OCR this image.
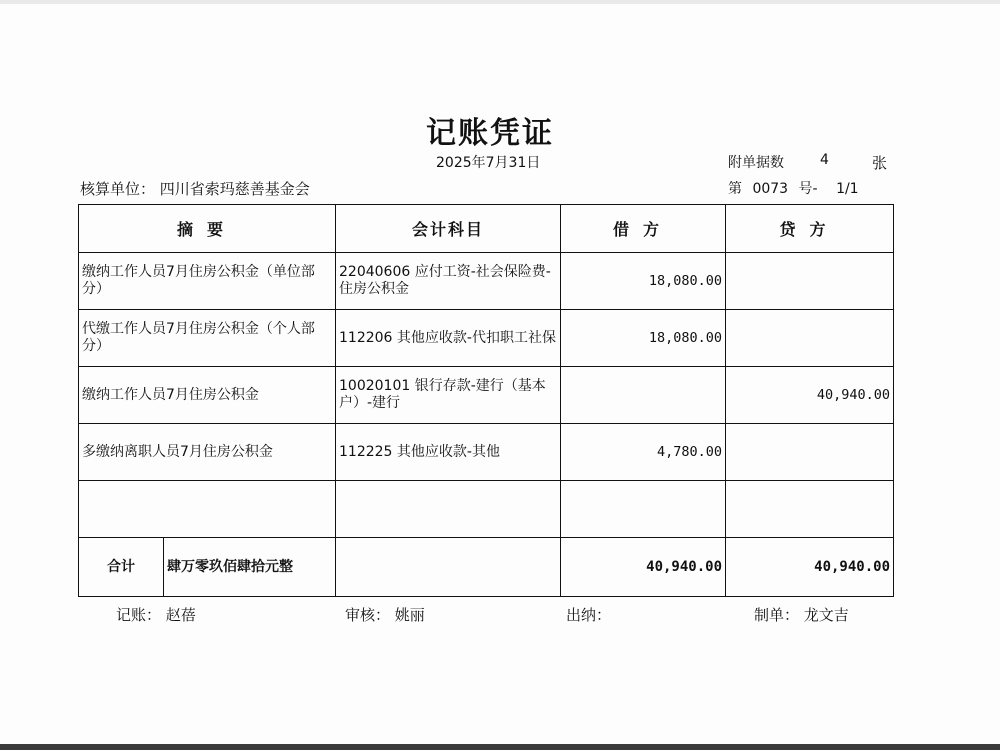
记账凭证
2025年7月31日	附单据数	4	张
核算单位： 四川省索玛慈善基金会	第 0073 号- 1/1
摘要	会计科目	借方	贷方
缴纳工作人员7月住房公积金（单位部分）	22040606 应付工资-社会保险费-住房公积金	18,080.00	
代缴工作人员7月住房公积金（个人部分）	112206 其他应收款-代扣职工社保	18,080.00	
缴纳工作人员7月住房公积金	10020101 银行存款-建行（基本户）-建行		40,940.00
多缴纳离职人员7月住房公积金	112225 其他应收款-其他	4,780.00	

合计 肆万零玖佰肆拾元整		40,940.00	40,940.00
记账： 赵蓓	审核： 姚丽	出纳：	制单： 龙文吉
